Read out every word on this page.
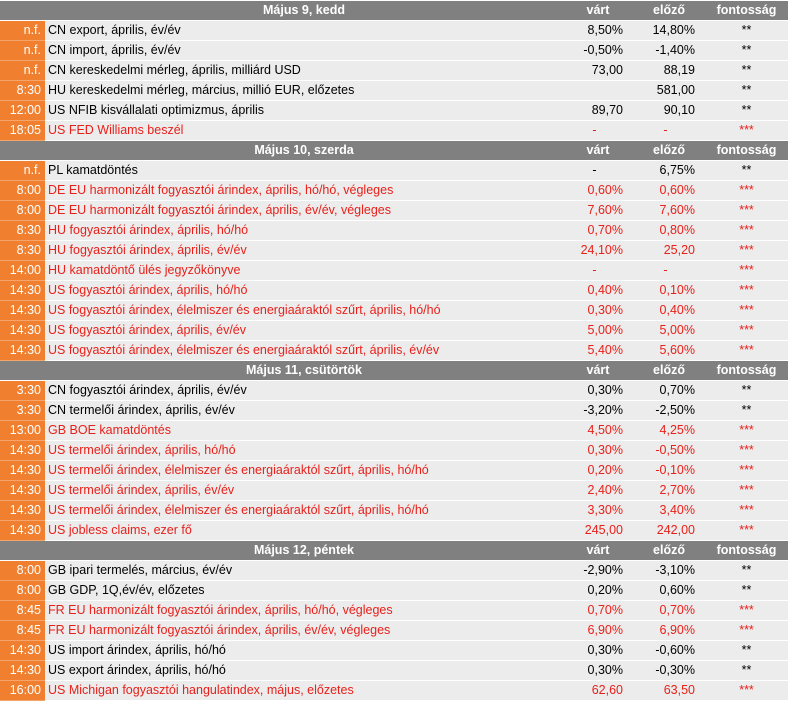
	Május 9, kedd	várt	előző	fontosság
n.f.	CN export, április, év/év	8,50%	14,80%	**
n.f.	CN import, április, év/év	-0,50%	-1,40%	**
n.f.	CN kereskedelmi mérleg, április, milliárd USD	73,00	88,19	**
8:30	HU kereskedelmi mérleg, március, millió EUR, előzetes		581,00	**
12:00	US NFIB kisvállalati optimizmus, április	89,70	90,10	**
18:05	US FED Williams beszél	-	-	***
	Május 10, szerda	várt	előző	fontosság
n.f.	PL kamatdöntés	-	6,75%	**
8:00	DE EU harmonizált fogyasztói árindex, április, hó/hó, végleges	0,60%	0,60%	***
8:00	DE EU harmonizált fogyasztói árindex, április, év/év, végleges	7,60%	7,60%	***
8:30	HU fogyasztói árindex, április, hó/hó	0,70%	0,80%	***
8:30	HU fogyasztói árindex, április, év/év	24,10%	25,20	***
14:00	HU kamatdöntő ülés jegyzőkönyve	-	-	***
14:30	US fogyasztói árindex, április, hó/hó	0,40%	0,10%	***
14:30	US fogyasztói árindex, élelmiszer és energiaáraktól szűrt, április, hó/hó	0,30%	0,40%	***
14:30	US fogyasztói árindex, április, év/év	5,00%	5,00%	***
14:30	US fogyasztói árindex, élelmiszer és energiaáraktól szűrt, április, év/év	5,40%	5,60%	***
	Május 11, csütörtök	várt	előző	fontosság
3:30	CN fogyasztói árindex, április, év/év	0,30%	0,70%	**
3:30	CN termelői árindex, április, év/év	-3,20%	-2,50%	**
13:00	GB BOE kamatdöntés	4,50%	4,25%	***
14:30	US termelői árindex, április, hó/hó	0,30%	-0,50%	***
14:30	US termelői árindex, élelmiszer és energiaáraktól szűrt, április, hó/hó	0,20%	-0,10%	***
14:30	US termelői árindex, április, év/év	2,40%	2,70%	***
14:30	US termelői árindex, élelmiszer és energiaáraktól szűrt, április, hó/hó	3,30%	3,40%	***
14:30	US jobless claims, ezer fő	245,00	242,00	***
	Május 12, péntek	várt	előző	fontosság
8:00	GB ipari termelés, március, év/év	-2,90%	-3,10%	**
8:00	GB GDP, 1Q,év/év, előzetes	0,20%	0,60%	**
8:45	FR EU harmonizált fogyasztói árindex, április, hó/hó, végleges	0,70%	0,70%	***
8:45	FR EU harmonizált fogyasztói árindex, április, év/év, végleges	6,90%	6,90%	***
14:30	US import árindex, április, hó/hó	0,30%	-0,60%	**
14:30	US export árindex, április, hó/hó	0,30%	-0,30%	**
16:00	US Michigan fogyasztói hangulatindex, május, előzetes	62,60	63,50	***
